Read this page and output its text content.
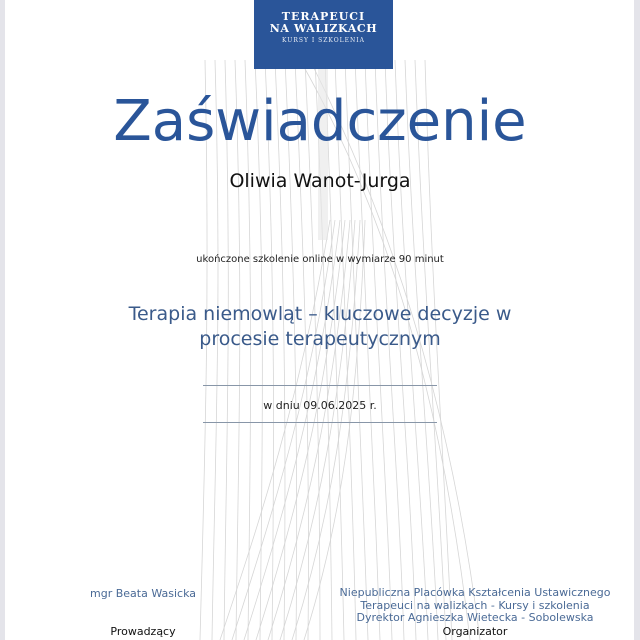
TERAPEUCI
NA WALIZKACH
KURSY I SZKOLENIA
Zaświadczenie
Oliwia Wanot-Jurga
ukończone szkolenie online w wymiarze 90 minut
Terapia niemowląt – kluczowe decyzje w
procesie terapeutycznym
w dniu 09.06.2025 r.
mgr Beata Wasicka
Prowadzący
Niepubliczna Placówka Kształcenia Ustawicznego
Terapeuci na walizkach - Kursy i szkolenia
Dyrektor Agnieszka Wietecka - Sobolewska
Organizator
